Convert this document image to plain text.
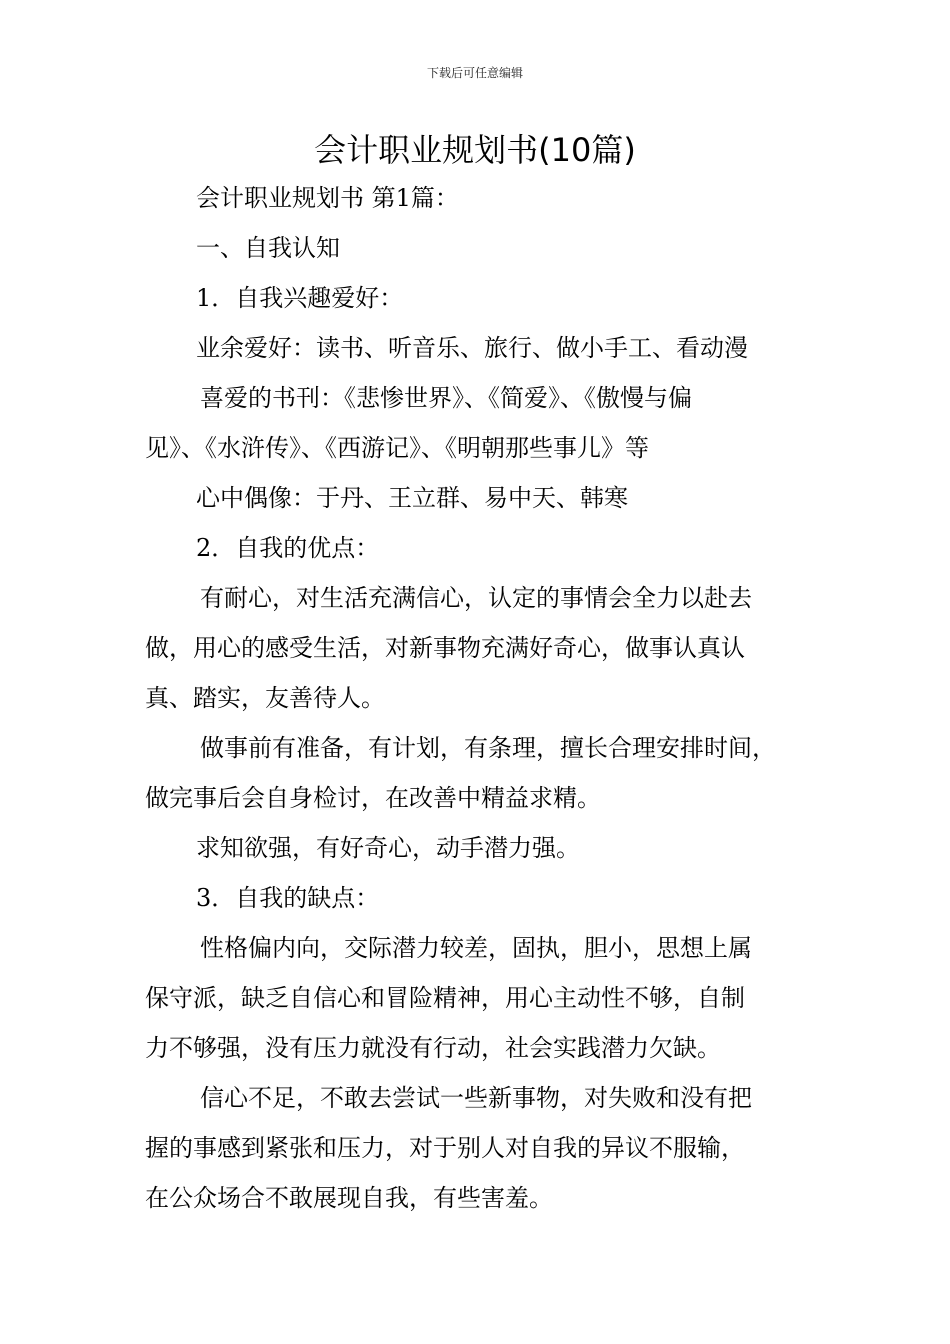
下载后可任意编辑
会计职业规划书(10篇)
会计职业规划书 第1篇：
一、自我认知
1．自我兴趣爱好：
业余爱好：读书、听音乐、旅行、做小手工、看动漫
喜爱的书刊：《悲惨世界》、《简爱》、《傲慢与偏
见》、《水浒传》、《西游记》、《明朝那些事儿》等
心中偶像：于丹、王立群、易中天、韩寒
2．自我的优点：
有耐心，对生活充满信心，认定的事情会全力以赴去
做，用心的感受生活，对新事物充满好奇心，做事认真认
真、踏实，友善待人。
做事前有准备，有计划，有条理，擅长合理安排时间，
做完事后会自身检讨，在改善中精益求精。
求知欲强，有好奇心，动手潜力强。
3．自我的缺点：
性格偏内向，交际潜力较差，固执，胆小，思想上属
保守派，缺乏自信心和冒险精神，用心主动性不够，自制
力不够强，没有压力就没有行动，社会实践潜力欠缺。
信心不足，不敢去尝试一些新事物，对失败和没有把
握的事感到紧张和压力，对于别人对自我的异议不服输，
在公众场合不敢展现自我，有些害羞。
